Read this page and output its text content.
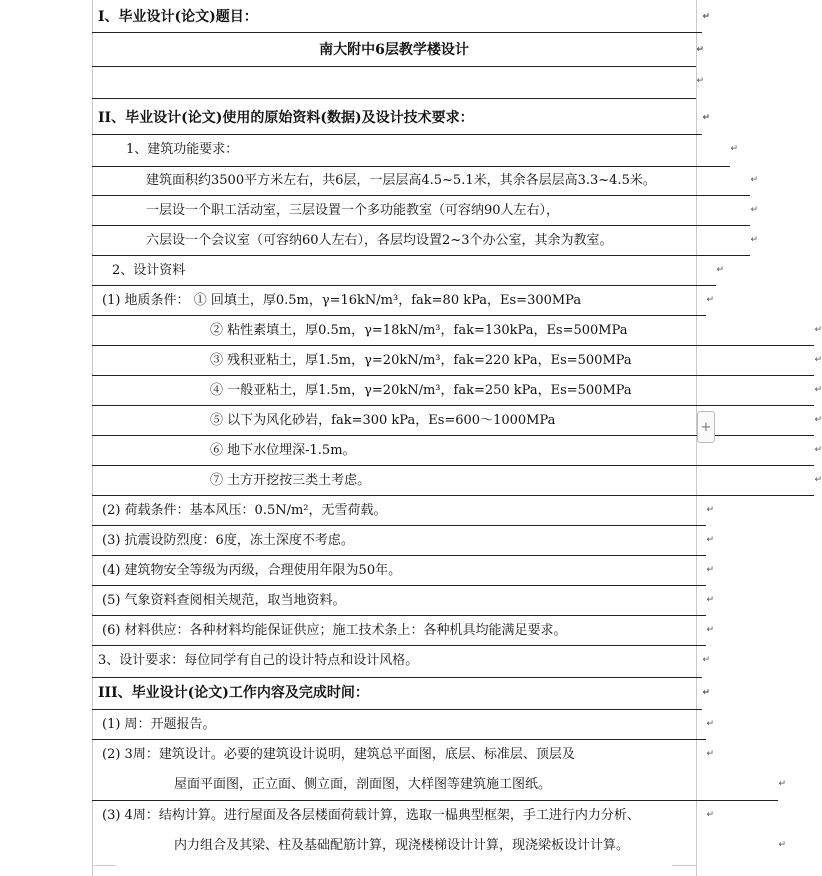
I、毕业设计(论文)题目：	↵
南大附中6层教学楼设计	↵
↵
II、毕业设计(论文)使用的原始资料(数据)及设计技术要求：	↵
1、建筑功能要求：	↵
建筑面积约3500平方米左右，共6层，一层层高4.5~5.1米，其余各层层高3.3~4.5米。	↵
一层设一个职工活动室，三层设置一个多功能教室（可容纳90人左右），	↵
六层设一个会议室（可容纳60人左右），各层均设置2~3个办公室，其余为教室。	↵
2、设计资料	↵
(1) 地质条件： ① 回填土，厚0.5m，γ=16kN/m³，fak=80 kPa，Es=300MPa	↵
② 粘性素填土，厚0.5m，γ=18kN/m³，fak=130kPa，Es=500MPa	↵
③ 残积亚粘土，厚1.5m，γ=20kN/m³，fak=220 kPa，Es=500MPa	↵
④ 一般亚粘土，厚1.5m，γ=20kN/m³，fak=250 kPa，Es=500MPa	↵
⑤ 以下为风化砂岩，fak=300 kPa，Es=600～1000MPa	↵
⑥ 地下水位埋深-1.5m。	↵
⑦ 土方开挖按三类土考虑。	↵
(2) 荷载条件：基本风压：0.5N/m²，无雪荷载。	↵
(3) 抗震设防烈度：6度，冻土深度不考虑。	↵
(4) 建筑物安全等级为丙级，合理使用年限为50年。	↵
(5) 气象资料查阅相关规范，取当地资料。	↵
(6) 材料供应：各种材料均能保证供应；施工技术条上：各种机具均能满足要求。	↵
3、设计要求：每位同学有自己的设计特点和设计风格。	↵
III、毕业设计(论文)工作内容及完成时间：	↵
(1) 周：开题报告。	↵
(2) 3周：建筑设计。必要的建筑设计说明，建筑总平面图，底层、标准层、顶层及	↵
屋面平面图，正立面、侧立面，剖面图，大样图等建筑施工图纸。	↵
(3) 4周：结构计算。进行屋面及各层楼面荷载计算，选取一榀典型框架，手工进行内力分析、	↵
内力组合及其梁、柱及基础配筋计算，现浇楼梯设计计算，现浇梁板设计计算。	↵
+
